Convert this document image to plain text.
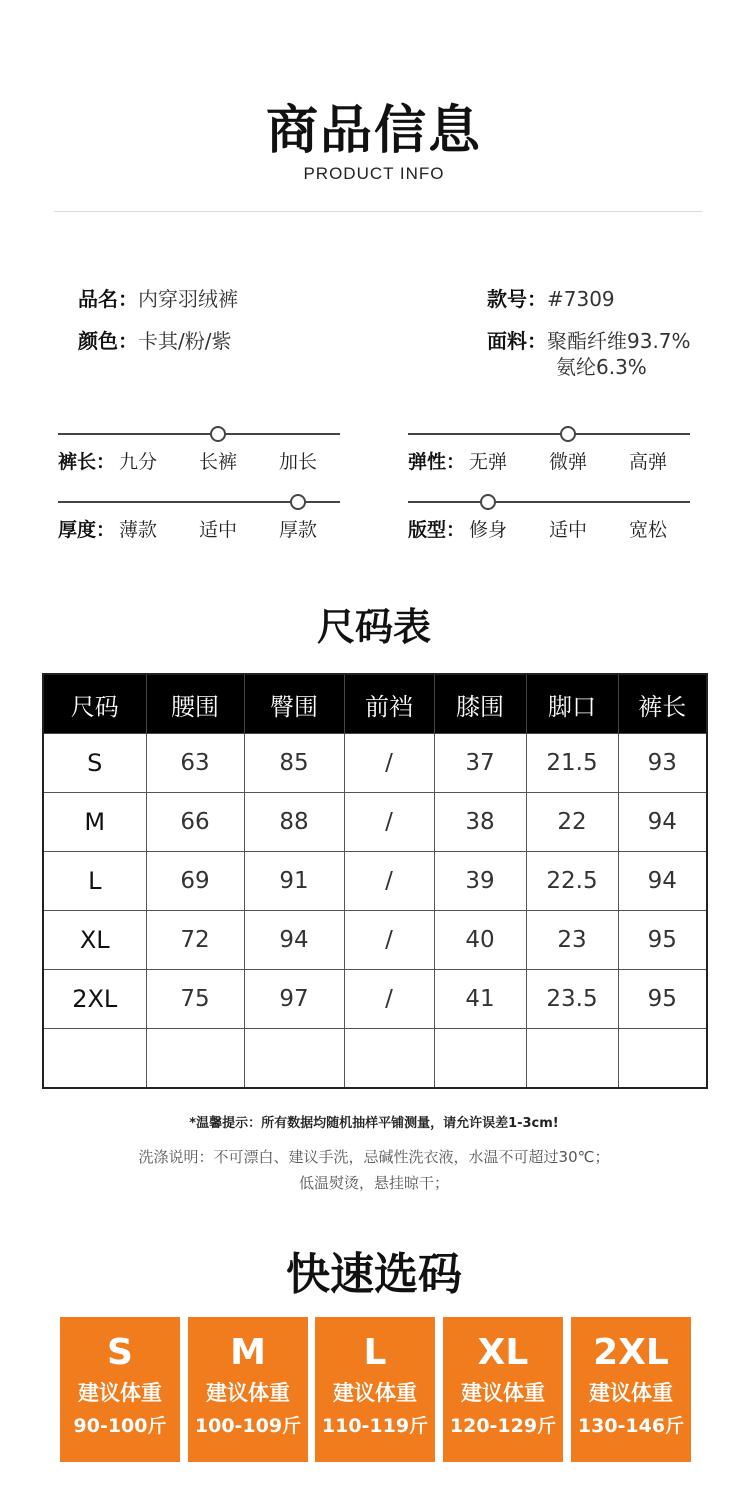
商品信息
PRODUCT INFO
品名：内穿羽绒裤
颜色：卡其/粉/紫
款号：#7309
面料：聚酯纤维93.7%
氨纶6.3%
裤长： 九分 长裤 加长	弹性： 无弹 微弹 高弹
厚度： 薄款 适中 厚款	版型： 修身 适中 宽松
尺码表
尺码	腰围	臀围	前裆	膝围	脚口	裤长
S	63	85	/	37	21.5	93
M	66	88	/	38	22	94
L	69	91	/	39	22.5	94
XL	72	94	/	40	23	95
2XL	75	97	/	41	23.5	95

*温馨提示：所有数据均随机抽样平铺测量，请允许误差1-3cm!
洗涤说明：不可漂白、建议手洗，忌碱性洗衣液，水温不可超过30℃；
低温熨烫，悬挂晾干；
快速选码
S
建议体重
90-100斤
M
建议体重
100-109斤
L
建议体重
110-119斤
XL
建议体重
120-129斤
2XL
建议体重
130-146斤
